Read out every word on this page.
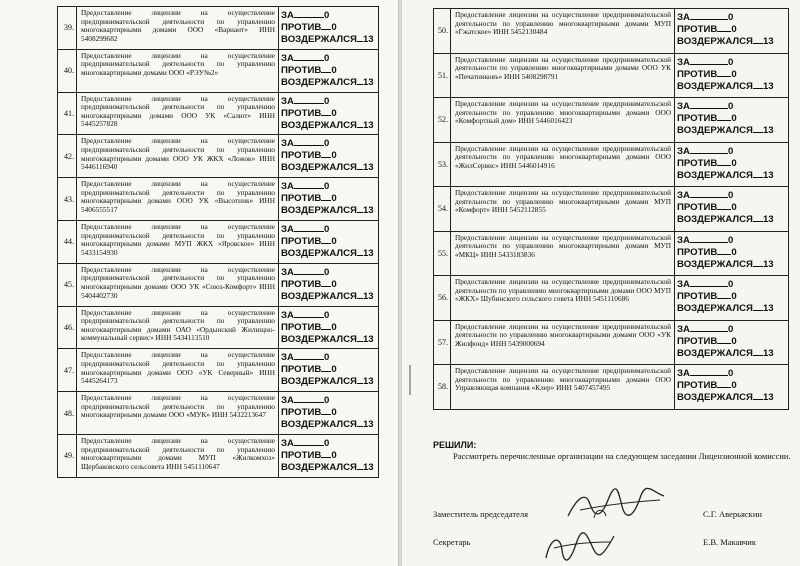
39.	Предоставление лицензии на осуществление предпринимательской деятельности по управлению многоквартирными домами ООО «Вариант» ИНН 5408299682	ЗА 0
ПРОТИВ 0
ВОЗДЕРЖАЛСЯ 13

40.	Предоставление лицензии на осуществление предпринимательской деятельности по управлению многоквартирными домами ООО «РЭУ№2»	ЗА 0
ПРОТИВ 0
ВОЗДЕРЖАЛСЯ 13

41.	Предоставление лицензии на осуществление предпринимательской деятельности по управлению многоквартирными домами ООО УК «Салют» ИНН 5445257828	ЗА 0
ПРОТИВ 0
ВОЗДЕРЖАЛСЯ 13

42.	Предоставление лицензии на осуществление предпринимательской деятельности по управлению многоквартирными домами ООО УК ЖКХ «Ложок» ИНН 5446116940	ЗА 0
ПРОТИВ 0
ВОЗДЕРЖАЛСЯ 13

43.	Предоставление лицензии на осуществление предпринимательской деятельности по управлению многоквартирными домами ООО УК «Высотник» ИНН 5406555517	ЗА 0
ПРОТИВ 0
ВОЗДЕРЖАЛСЯ 13

44.	Предоставление лицензии на осуществление предпринимательской деятельности по управлению многоквартирными домами МУП ЖКХ «Яровское» ИНН 5433154930	ЗА 0
ПРОТИВ 0
ВОЗДЕРЖАЛСЯ 13

45.	Предоставление лицензии на осуществление предпринимательской деятельности по управлению многоквартирными домами ООО УК «Союз-Комфорт» ИНН 5404402730	ЗА 0
ПРОТИВ 0
ВОЗДЕРЖАЛСЯ 13

46.	Предоставление лицензии на осуществление предпринимательской деятельности по управлению многоквартирными домами ОАО «Ордынский Жилищно- коммунальный сервис» ИНН 5434113510	ЗА 0
ПРОТИВ 0
ВОЗДЕРЖАЛСЯ 13

47.	Предоставление лицензии на осуществление предпринимательской деятельности по управлению многоквартирными домами ООО «УК Северный» ИНН 5445264173	ЗА 0
ПРОТИВ 0
ВОЗДЕРЖАЛСЯ 13

48.	Предоставление лицензии на осуществление предпринимательской деятельности по управлению многоквартирными домами ООО «МУК» ИНН 5432213647	ЗА 0
ПРОТИВ 0
ВОЗДЕРЖАЛСЯ 13

49.	Предоставление лицензии на осуществление предпринимательской деятельности по управлению многоквартирными домами МУП «Жилкомхоз» Щербаковского сельсовета ИНН 5451110647	ЗА 0
ПРОТИВ 0
ВОЗДЕРЖАЛСЯ 13
50.	Предоставление лицензии на осуществление предпринимательской деятельности по управлению многоквартирными домами МУП «Гжатское» ИНН 5452130484	ЗА 0
ПРОТИВ 0
ВОЗДЕРЖАЛСЯ 13

51.	Предоставление лицензии на осуществление предпринимательской деятельности по управлению многоквартирными домами ООО УК «Печатниковъ» ИНН 5408298791	ЗА 0
ПРОТИВ 0
ВОЗДЕРЖАЛСЯ 13

52.	Предоставление лицензии на осуществление предпринимательской деятельности по управлению многоквартирными домами ООО «Комфортный дом» ИНН 5446016423	ЗА 0
ПРОТИВ 0
ВОЗДЕРЖАЛСЯ 13

53.	Предоставление лицензии на осуществление предпринимательской деятельности по управлению многоквартирными домами ООО «ЖилСервис» ИНН 5446014916	ЗА 0
ПРОТИВ 0
ВОЗДЕРЖАЛСЯ 13

54.	Предоставление лицензии на осуществление предпринимательской деятельности по управлению многоквартирными домами МУП «Комфорт» ИНН 5452112855	ЗА 0
ПРОТИВ 0
ВОЗДЕРЖАЛСЯ 13

55.	Предоставление лицензии на осуществление предпринимательской деятельности по управлению многоквартирными домами МУП «МКЦ» ИНН 5433183836	ЗА 0
ПРОТИВ 0
ВОЗДЕРЖАЛСЯ 13

56.	Предоставление лицензии на осуществление предпринимательской деятельности по управлению многоквартирными домами ООО МУП «ЖКХ» Шубинского сельского совета ИНН 5451110686	ЗА 0
ПРОТИВ 0
ВОЗДЕРЖАЛСЯ 13

57.	Предоставление лицензии на осуществление предпринимательской деятельности по управлению многоквартирными домами ООО «УК Жилфонд» ИНН 5439000694	ЗА 0
ПРОТИВ 0
ВОЗДЕРЖАЛСЯ 13

58.	Предоставление лицензии на осуществление предпринимательской деятельности по управлению многоквартирными домами ООО Управляющая компания «Клер» ИНН 5407457495	ЗА 0
ПРОТИВ 0
ВОЗДЕРЖАЛСЯ 13
РЕШИЛИ:
Рассмотреть перечисленные организации на следующем заседании Лицензионной комиссии.
Заместитель председателя	С.Г. Аверьяскин
Секретарь	Е.В. Макавчик
